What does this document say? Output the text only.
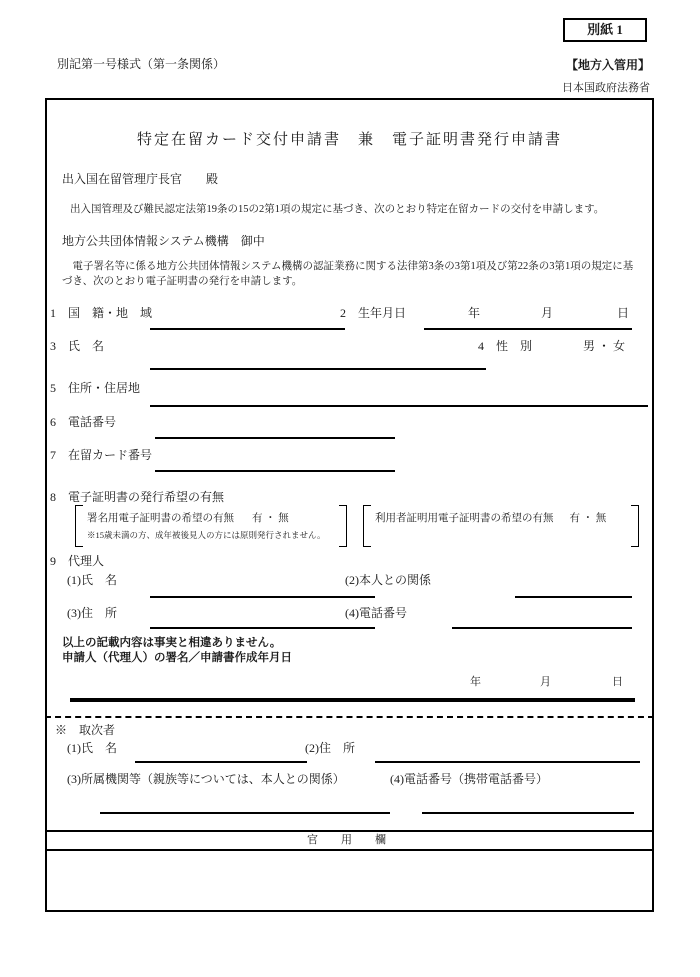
別紙 1
別記第一号様式（第一条関係）	【地方入管用】
日本国政府法務省
特定在留カード交付申請書　兼　電子証明書発行申請書
出入国在留管理庁長官　　殿
出入国管理及び難民認定法第19条の15の2第1項の規定に基づき、次のとおり特定在留カードの交付を申請します。
地方公共団体情報システム機構　御中
　電子署名等に係る地方公共団体情報システム機構の認証業務に関する法律第3条の3第1項及び第22条の3第1項の規定に基づき、次のとおり電子証明書の発行を申請します。
1　国　籍・地　域	2　生年月日	年	月	日
3　氏　名	4　性　別	男 ・ 女
5　住所・住居地
6　電話番号
7　在留カード番号
8　電子証明書の発行希望の有無
署名用電子証明書の希望の有無 有 ・ 無
※15歳未満の方、成年被後見人の方には原則発行されません。
利用者証明用電子証明書の希望の有無 有 ・ 無
9　代理人
(1)氏　名	(2)本人との関係
(3)住　所	(4)電話番号
以上の記載内容は事実と相違ありません。
申請人（代理人）の署名／申請書作成年月日
年	月	日
※　取次者
(1)氏　名	(2)住　所
(3)所属機関等（親族等については、本人との関係）	(4)電話番号（携帯電話番号）
官　用　欄
